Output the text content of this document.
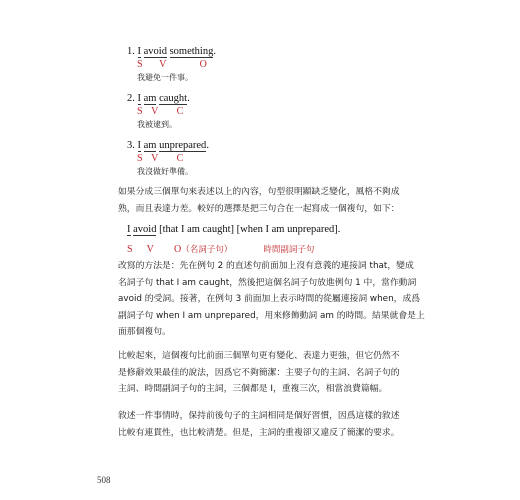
1. I avoid something.
S V	O
我避免一件事。
2. I am caught.
S V C
我被逮到。
3. I am unprepared.
S V C
我沒做好準備。
如果分成三個單句來表述以上的內容，句型很明顯缺乏變化，風格不夠成
熟，而且表達力差。較好的選擇是把三句合在一起寫成一個複句，如下：
I avoid [that I am caught] [when I am unprepared].
S V O（名詞子句）	時間副詞子句
改寫的方法是：先在例句 2 的直述句前面加上沒有意義的連接詞 that，變成
名詞子句 that I am caught，然後把這個名詞子句放進例句 1 中，當作動詞
avoid 的受詞。接著，在例句 3 前面加上表示時間的從屬連接詞 when，成爲
副詞子句 when I am unprepared，用來修飾動詞 am 的時間。結果就會是上
面那個複句。
比較起來，這個複句比前面三個單句更有變化、表達力更強，但它仍然不
是修辭效果最佳的說法，因爲它不夠簡潔：主要子句的主詞、名詞子句的
主詞、時間副詞子句的主詞，三個都是 I，重複三次，相當浪費篇幅。
敘述一件事情時，保持前後句子的主詞相同是個好習慣，因爲這樣的敘述
比較有連貫性，也比較清楚。但是，主詞的重複卻又違反了簡潔的要求。
508
